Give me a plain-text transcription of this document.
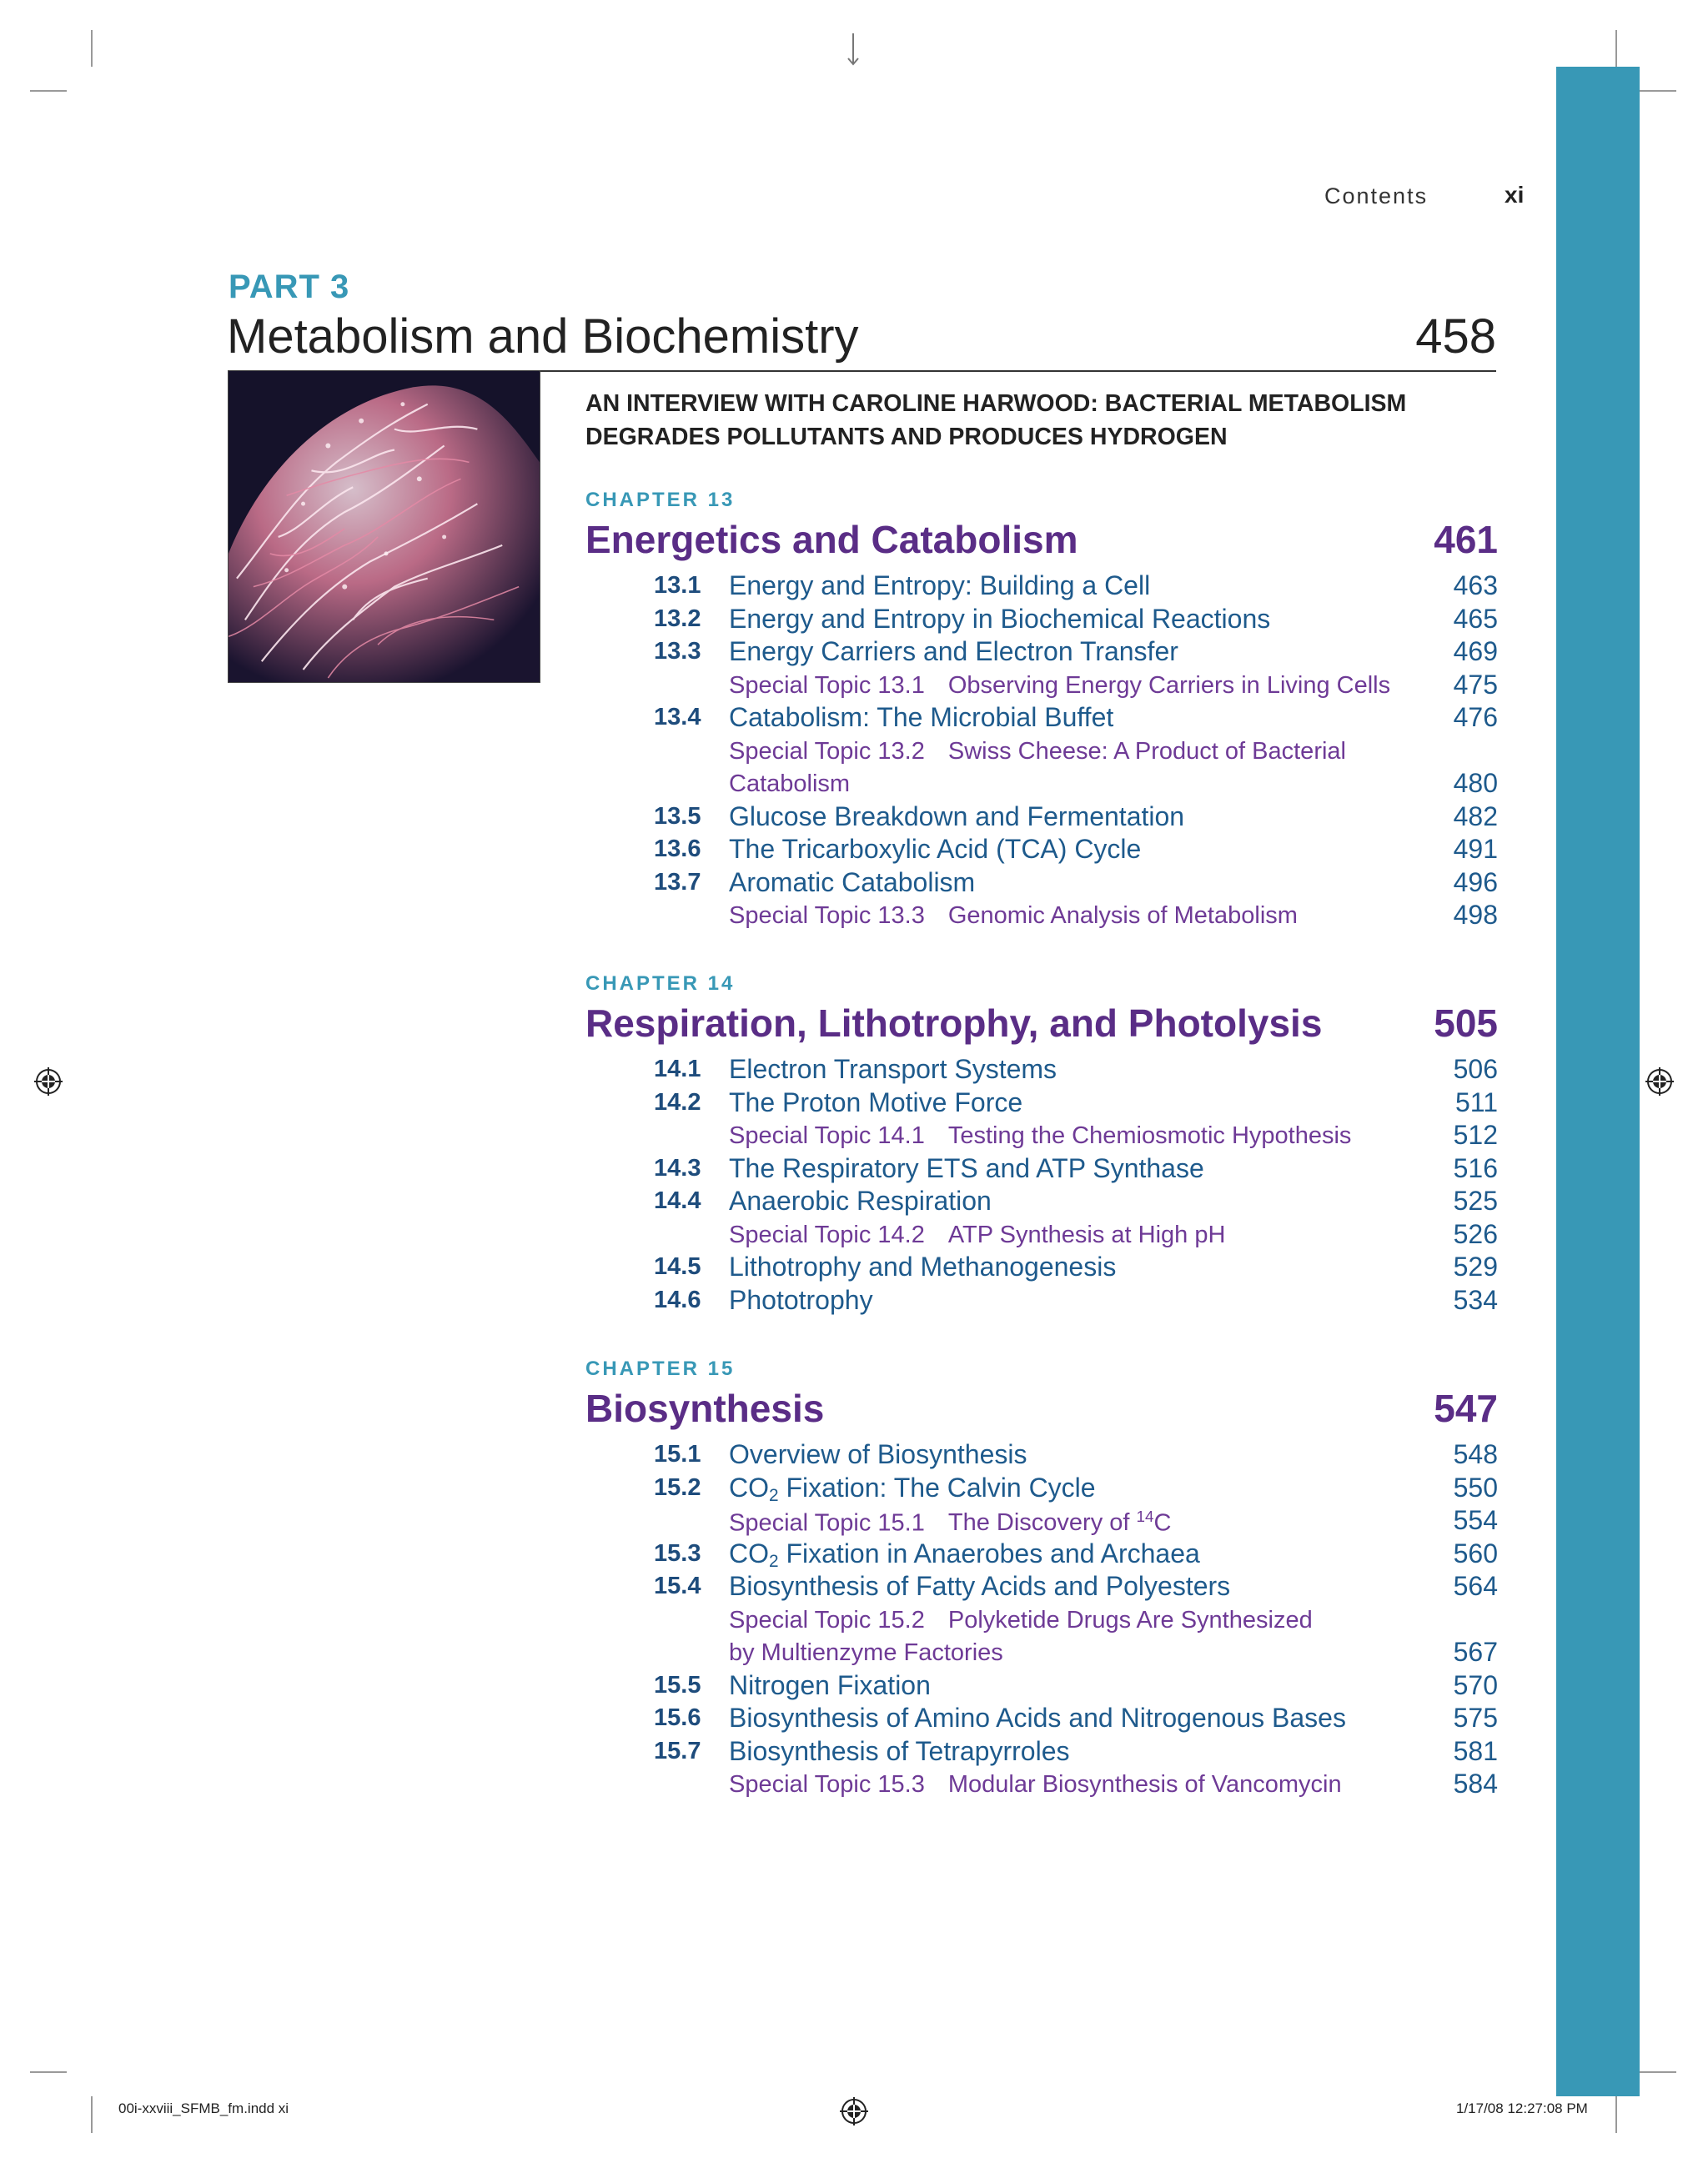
Contents	xi
PART 3
Metabolism and Biochemistry	458
AN INTERVIEW WITH CAROLINE HARWOOD: BACTERIAL METABOLISM DEGRADES POLLUTANTS AND PRODUCES HYDROGEN
CHAPTER 13
Energetics and Catabolism	461
13.1 Energy and Entropy: Building a Cell	463
13.2 Energy and Entropy in Biochemical Reactions	465
13.3 Energy Carriers and Electron Transfer	469
Special Topic 13.1 Observing Energy Carriers in Living Cells 475
13.4 Catabolism: The Microbial Buffet	476
Special Topic 13.2 Swiss Cheese: A Product of Bacterial
Catabolism	480
13.5 Glucose Breakdown and Fermentation	482
13.6 The Tricarboxylic Acid (TCA) Cycle	491
13.7 Aromatic Catabolism	496
Special Topic 13.3 Genomic Analysis of Metabolism	498
CHAPTER 14
Respiration, Lithotrophy, and Photolysis	505
14.1 Electron Transport Systems	506
14.2 The Proton Motive Force	511
Special Topic 14.1 Testing the Chemiosmotic Hypothesis	512
14.3 The Respiratory ETS and ATP Synthase	516
14.4 Anaerobic Respiration	525
Special Topic 14.2 ATP Synthesis at High pH	526
14.5 Lithotrophy and Methanogenesis	529
14.6 Phototrophy	534
CHAPTER 15
Biosynthesis	547
15.1 Overview of Biosynthesis	548
15.2 $CO_2$ Fixation: The Calvin Cycle	550
Special Topic 15.1 The Discovery of $^{14}$C	554
15.3 $CO_2$ Fixation in Anaerobes and Archaea	560
15.4 Biosynthesis of Fatty Acids and Polyesters	564
Special Topic 15.2 Polyketide Drugs Are Synthesized
by Multienzyme Factories	567
15.5 Nitrogen Fixation	570
15.6 Biosynthesis of Amino Acids and Nitrogenous Bases	575
15.7 Biosynthesis of Tetrapyrroles	581
Special Topic 15.3 Modular Biosynthesis of Vancomycin	584
00i-xxviii_SFMB_fm.indd xi	1/17/08 12:27:08 PM
